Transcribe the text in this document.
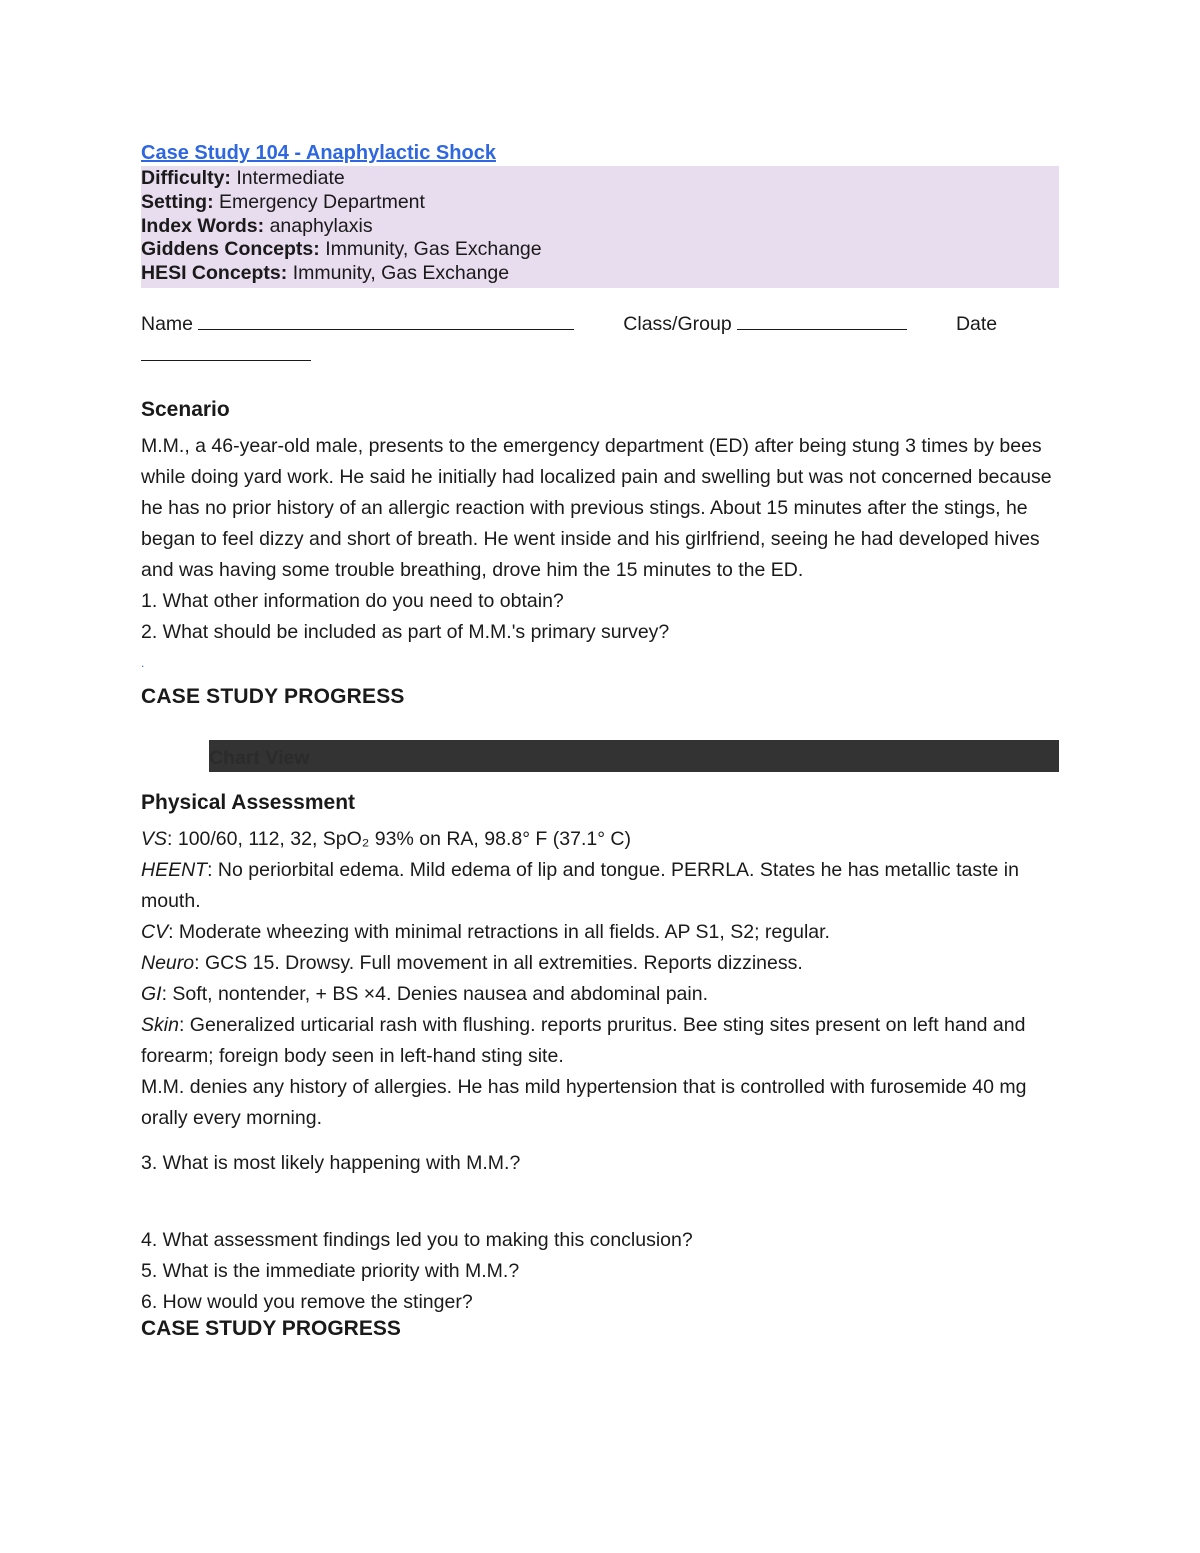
Case Study 104 - Anaphylactic Shock
Difficulty: Intermediate
Setting: Emergency Department
Index Words: anaphylaxis
Giddens Concepts: Immunity, Gas Exchange
HESI Concepts: Immunity, Gas Exchange
Name	Class/Group	Date

Scenario
M.M., a 46-year-old male, presents to the emergency department (ED) after being stung 3 times by bees while doing yard work. He said he initially had localized pain and swelling but was not concerned because he has no prior history of an allergic reaction with previous stings. About 15 minutes after the stings, he began to feel dizzy and short of breath. He went inside and his girlfriend, seeing he had developed hives and was having some trouble breathing, drove him the 15 minutes to the ED.
1. What other information do you need to obtain?
2. What should be included as part of M.M.'s primary survey?
.
CASE STUDY PROGRESS
Chart View
Physical Assessment
VS: 100/60, 112, 32, SpO₂ 93% on RA, 98.8° F (37.1° C)
HEENT: No periorbital edema. Mild edema of lip and tongue. PERRLA. States he has metallic taste in mouth.
CV: Moderate wheezing with minimal retractions in all fields. AP S1, S2; regular.
Neuro: GCS 15. Drowsy. Full movement in all extremities. Reports dizziness.
GI: Soft, nontender, + BS ×4. Denies nausea and abdominal pain.
Skin: Generalized urticarial rash with flushing. reports pruritus. Bee sting sites present on left hand and forearm; foreign body seen in left-hand sting site.
M.M. denies any history of allergies. He has mild hypertension that is controlled with furosemide 40 mg orally every morning.
3. What is most likely happening with M.M.?
4. What assessment findings led you to making this conclusion?
5. What is the immediate priority with M.M.?
6. How would you remove the stinger?
CASE STUDY PROGRESS
